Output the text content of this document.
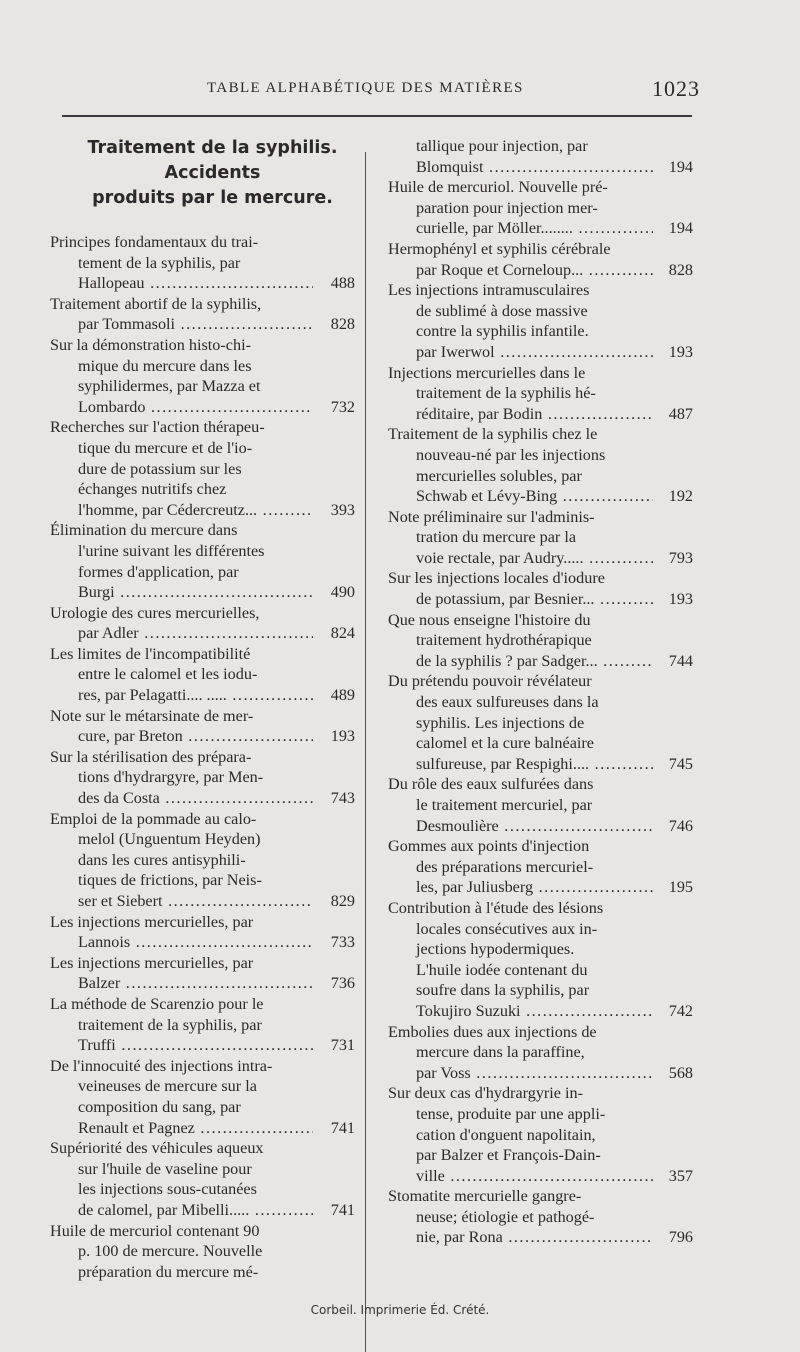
TABLE ALPHABÉTIQUE DES MATIÈRES	1023
Traitement de la syphilis. Accidents
produits par le mercure.
Principes fondamentaux du trai-
tement de la syphilis, par
Hallopeau .....	488
Traitement abortif de la syphilis,
par Tommasoli .....	828
Sur la démonstration histo-chi-
mique du mercure dans les
syphilidermes, par Mazza et
Lombardo .....	732
Recherches sur l'action thérapeu-
tique du mercure et de l'io-
dure de potassium sur les
échanges nutritifs chez
l'homme, par Cédercreutz... .....	393
Élimination du mercure dans
l'urine suivant les différentes
formes d'application, par
Burgi .....	490
Urologie des cures mercurielles,
par Adler .....	824
Les limites de l'incompatibilité
entre le calomel et les iodu-
res, par Pelagatti.... ..... .....	489
Note sur le métarsinate de mer-
cure, par Breton .....	193
Sur la stérilisation des prépara-
tions d'hydrargyre, par Men-
des da Costa .....	743
Emploi de la pommade au calo-
melol (Unguentum Heyden)
dans les cures antisyphili-
tiques de frictions, par Neis-
ser et Siebert .....	829
Les injections mercurielles, par
Lannois .....	733
Les injections mercurielles, par
Balzer .....	736
La méthode de Scarenzio pour le
traitement de la syphilis, par
Truffi .....	731
De l'innocuité des injections intra-
veineuses de mercure sur la
composition du sang, par
Renault et Pagnez .....	741
Supériorité des véhicules aqueux
sur l'huile de vaseline pour
les injections sous-cutanées
de calomel, par Mibelli..... .....	741
Huile de mercuriol contenant 90
p. 100 de mercure. Nouvelle
préparation du mercure mé-
tallique pour injection, par
Blomquist .....	194
Huile de mercuriol. Nouvelle pré-
paration pour injection mer-
curielle, par Möller........ .....	194
Hermophényl et syphilis cérébrale
par Roque et Corneloup... .....	828
Les injections intramusculaires
de sublimé à dose massive
contre la syphilis infantile.
par Iwerwol .....	193
Injections mercurielles dans le
traitement de la syphilis hé-
réditaire, par Bodin .....	487
Traitement de la syphilis chez le
nouveau-né par les injections
mercurielles solubles, par
Schwab et Lévy-Bing .....	192
Note préliminaire sur l'adminis-
tration du mercure par la
voie rectale, par Audry..... .....	793
Sur les injections locales d'iodure
de potassium, par Besnier... .....	193
Que nous enseigne l'histoire du
traitement hydrothérapique
de la syphilis ? par Sadger... .....	744
Du prétendu pouvoir révélateur
des eaux sulfureuses dans la
syphilis. Les injections de
calomel et la cure balnéaire
sulfureuse, par Respighi.... .....	745
Du rôle des eaux sulfurées dans
le traitement mercuriel, par
Desmoulière .....	746
Gommes aux points d'injection
des préparations mercuriel-
les, par Juliusberg .....	195
Contribution à l'étude des lésions
locales consécutives aux in-
jections hypodermiques.
L'huile iodée contenant du
soufre dans la syphilis, par
Tokujiro Suzuki .....	742
Embolies dues aux injections de
mercure dans la paraffine,
par Voss .....	568
Sur deux cas d'hydrargyrie in-
tense, produite par une appli-
cation d'onguent napolitain,
par Balzer et François-Dain-
ville .....	357
Stomatite mercurielle gangre-
neuse; étiologie et pathogé-
nie, par Rona .....	796
Corbeil. Imprimerie Éd. Crété.
